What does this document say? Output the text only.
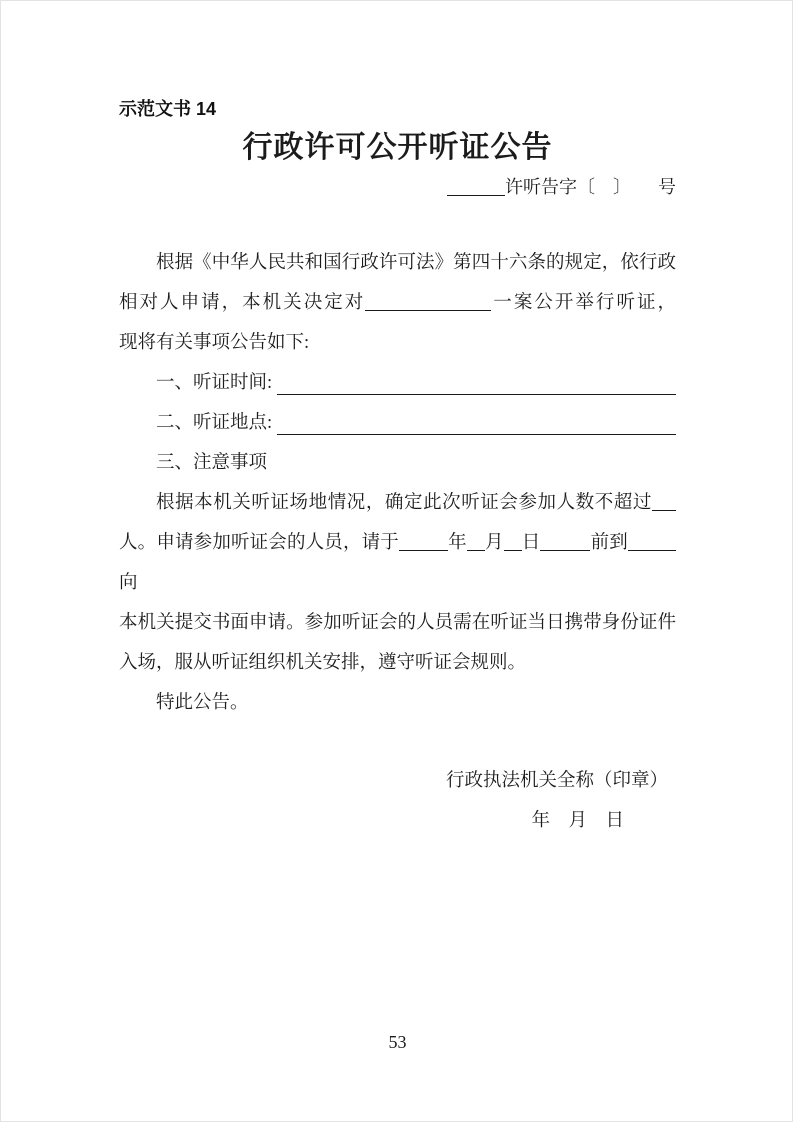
示范文书 14
行政许可公开听证公告
许听告字〔　〕　　号
根据《中华人民共和国行政许可法》第四十六条的规定，依行政
相对人申请，本机关决定对	一案公开举行听证，
现将有关事项公告如下:
一、听证时间:
二、听证地点:
三、注意事项
根据本机关听证场地情况，确定此次听证会参加人数不超过
人。申请参加听证会的人员，请于	年 月 日	前到向
本机关提交书面申请。参加听证会的人员需在听证当日携带身份证件
入场，服从听证组织机关安排，遵守听证会规则。
特此公告。
行政执法机关全称（印章）
年　月　日
53
